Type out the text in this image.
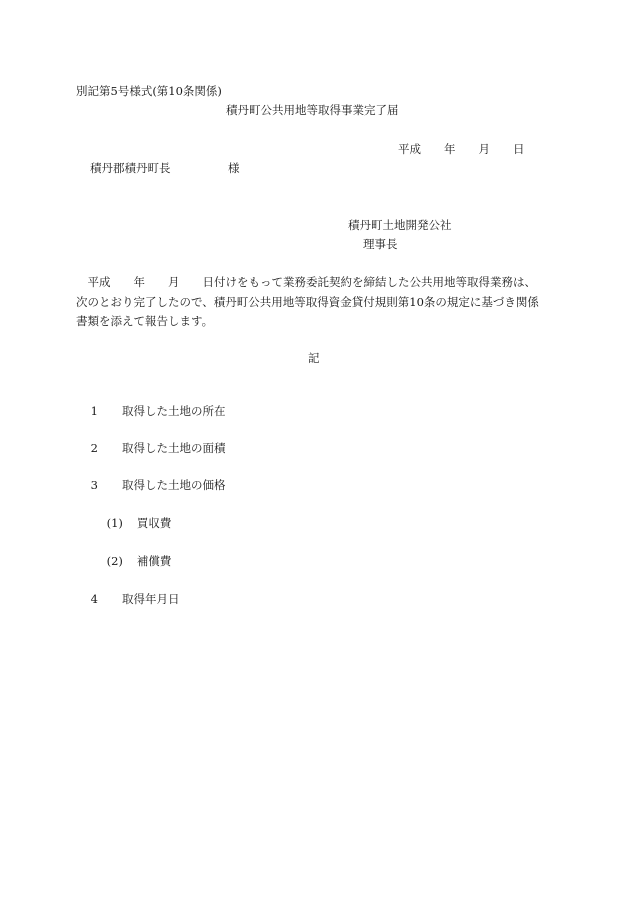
別記第5号様式(第10条関係)
積丹町公共用地等取得事業完了届
平成　　年　　月　　日
積丹郡積丹町長　　　　　様
積丹町土地開発公社
理事長
　平成　　年　　月　　日付けをもって業務委託契約を締結した公共用地等取得業務は、
次のとおり完了したので、積丹町公共用地等取得資金貸付規則第10条の規定に基づき関係
書類を添えて報告します。
記

1 取得した土地の所在

2 取得した土地の面積

3 取得した土地の価格

(1) 買収費

(2) 補償費

4 取得年月日
